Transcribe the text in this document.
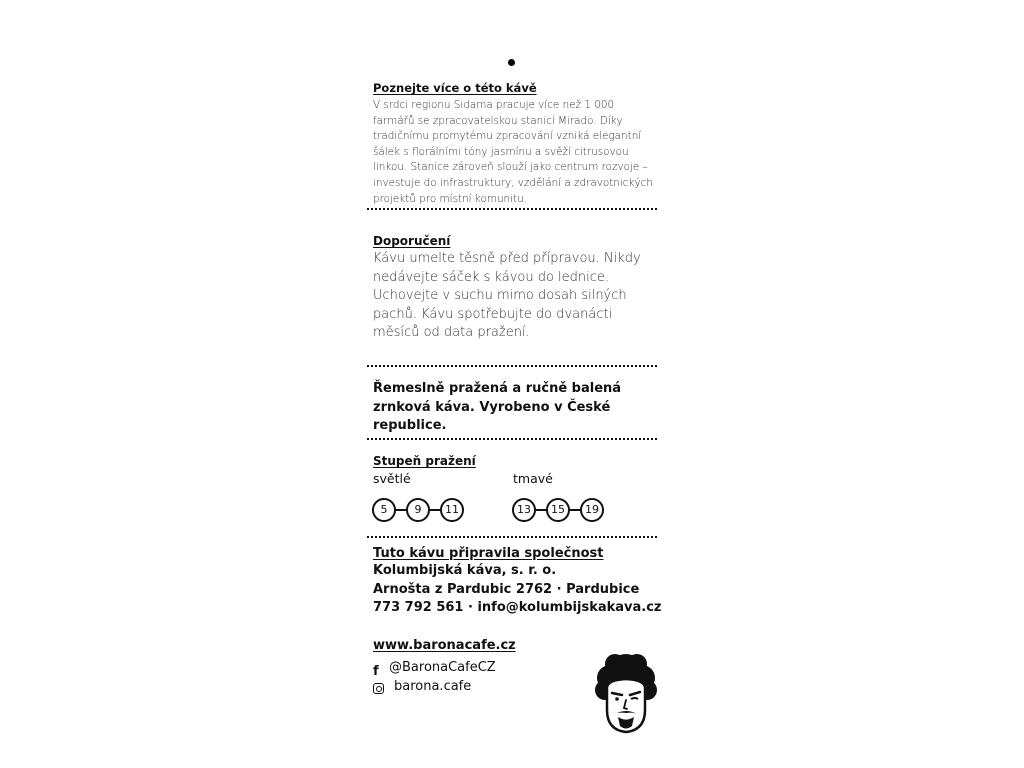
Poznejte více o této kávě

V srdci regionu Sidama pracuje více než 1 000 farmářů se zpracovatelskou stanicí Mirado. Díky tradičnímu promytému zpracování vzniká elegantní šálek s florálními tóny jasmínu a svěží citrusovou linkou. Stanice zároveň slouží jako centrum rozvoje – investuje do infrastruktury, vzdělání a zdravotnických projektů pro místní komunitu.

Doporučení

Kávu umelte těsně před přípravou. Nikdy nedávejte sáček s kávou do lednice. Uchovejte v suchu mimo dosah silných pachů. Kávu spotřebujte do dvanácti měsíců od data pražení.

Řemeslně pražená a ručně balená zrnková káva. Vyrobeno v České republice.

Stupeň pražení

světlé	tmavé
5	9	11	13	15	19

Tuto kávu připravila společnost

Kolumbijská káva, s. r. o.

Arnošta z Pardubic 2762 · Pardubice

773 792 561 · info@kolumbijskakava.cz

www.baronacafe.cz

f @BaronaCafeCZ
barona.cafe
